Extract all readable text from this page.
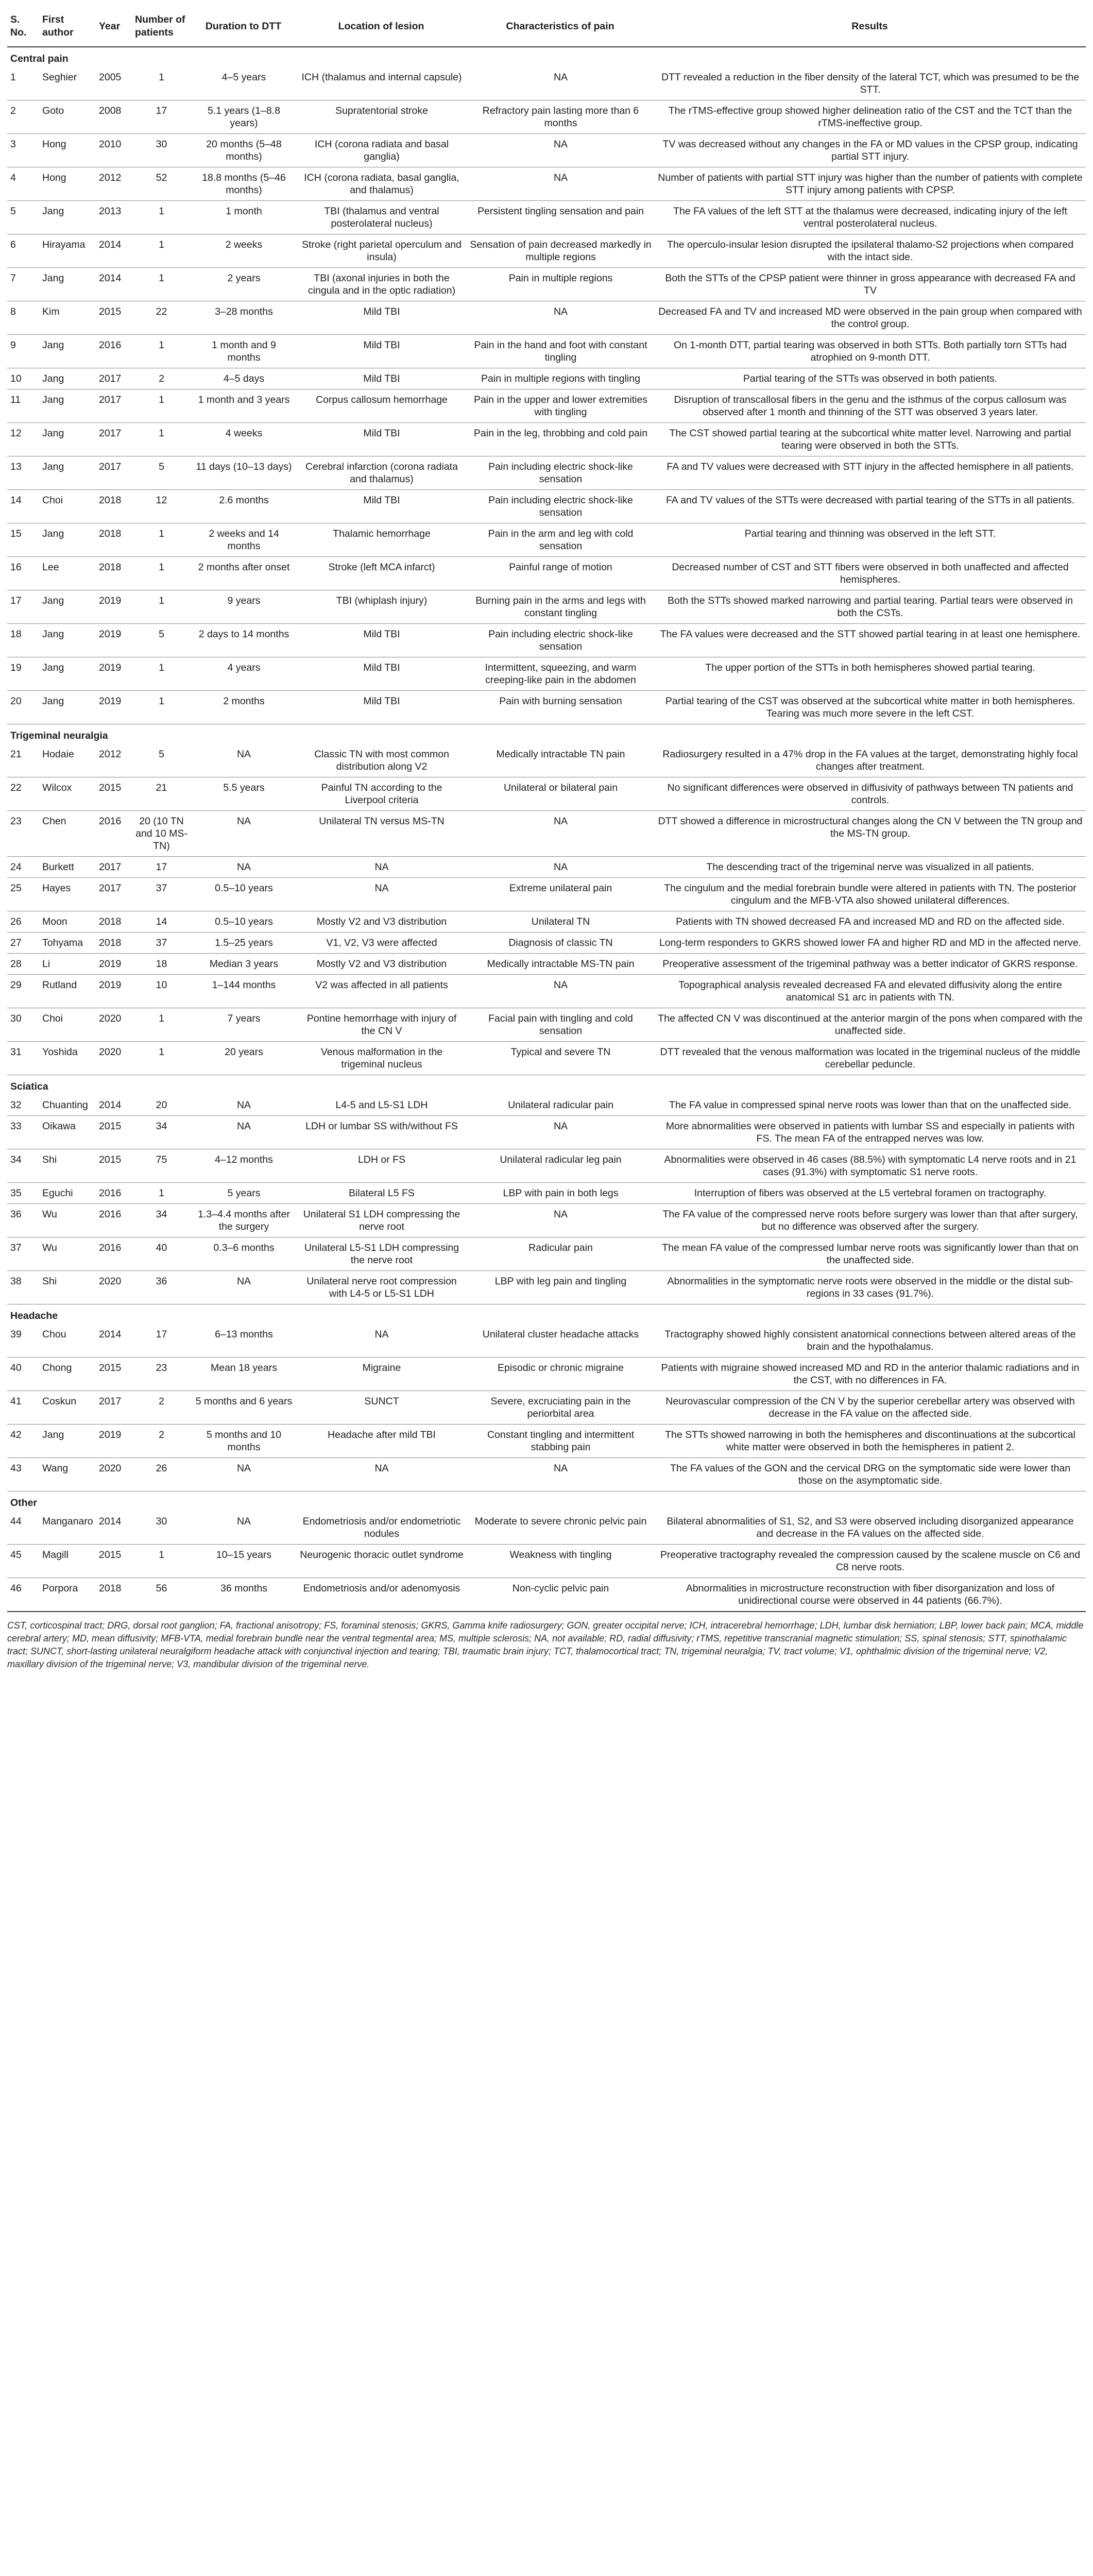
S. No.	First author	Year	Number of patients	Duration to DTT	Location of lesion	Characteristics of pain	Results
Central pain							
1	Seghier	2005	1	4–5 years	ICH (thalamus and internal capsule)	NA	DTT revealed a reduction in the fiber density of the lateral TCT, which was presumed to be the STT.
2	Goto	2008	17	5.1 years (1–8.8 years)	Supratentorial stroke	Refractory pain lasting more than 6 months	The rTMS-effective group showed higher delineation ratio of the CST and the TCT than the rTMS-ineffective group.
3	Hong	2010	30	20 months (5–48 months)	ICH (corona radiata and basal ganglia)	NA	TV was decreased without any changes in the FA or MD values in the CPSP group, indicating partial STT injury.
4	Hong	2012	52	18.8 months (5–46 months)	ICH (corona radiata, basal ganglia, and thalamus)	NA	Number of patients with partial STT injury was higher than the number of patients with complete STT injury among patients with CPSP.
5	Jang	2013	1	1 month	TBI (thalamus and ventral posterolateral nucleus)	Persistent tingling sensation and pain	The FA values of the left STT at the thalamus were decreased, indicating injury of the left ventral posterolateral nucleus.
6	Hirayama	2014	1	2 weeks	Stroke (right parietal operculum and insula)	Sensation of pain decreased markedly in multiple regions	The operculo-insular lesion disrupted the ipsilateral thalamo-S2 projections when compared with the intact side.
7	Jang	2014	1	2 years	TBI (axonal injuries in both the cingula and in the optic radiation)	Pain in multiple regions	Both the STTs of the CPSP patient were thinner in gross appearance with decreased FA and TV
8	Kim	2015	22	3–28 months	Mild TBI	NA	Decreased FA and TV and increased MD were observed in the pain group when compared with the control group.
9	Jang	2016	1	1 month and 9 months	Mild TBI	Pain in the hand and foot with constant tingling	On 1-month DTT, partial tearing was observed in both STTs. Both partially torn STTs had atrophied on 9-month DTT.
10	Jang	2017	2	4–5 days	Mild TBI	Pain in multiple regions with tingling	Partial tearing of the STTs was observed in both patients.
11	Jang	2017	1	1 month and 3 years	Corpus callosum hemorrhage	Pain in the upper and lower extremities with tingling	Disruption of transcallosal fibers in the genu and the isthmus of the corpus callosum was observed after 1 month and thinning of the STT was observed 3 years later.
12	Jang	2017	1	4 weeks	Mild TBI	Pain in the leg, throbbing and cold pain	The CST showed partial tearing at the subcortical white matter level. Narrowing and partial tearing were observed in both the STTs.
13	Jang	2017	5	11 days (10–13 days)	Cerebral infarction (corona radiata and thalamus)	Pain including electric shock-like sensation	FA and TV values were decreased with STT injury in the affected hemisphere in all patients.
14	Choi	2018	12	2.6 months	Mild TBI	Pain including electric shock-like sensation	FA and TV values of the STTs were decreased with partial tearing of the STTs in all patients.
15	Jang	2018	1	2 weeks and 14 months	Thalamic hemorrhage	Pain in the arm and leg with cold sensation	Partial tearing and thinning was observed in the left STT.
16	Lee	2018	1	2 months after onset	Stroke (left MCA infarct)	Painful range of motion	Decreased number of CST and STT fibers were observed in both unaffected and affected hemispheres.
17	Jang	2019	1	9 years	TBI (whiplash injury)	Burning pain in the arms and legs with constant tingling	Both the STTs showed marked narrowing and partial tearing. Partial tears were observed in both the CSTs.
18	Jang	2019	5	2 days to 14 months	Mild TBI	Pain including electric shock-like sensation	The FA values were decreased and the STT showed partial tearing in at least one hemisphere.
19	Jang	2019	1	4 years	Mild TBI	Intermittent, squeezing, and warm creeping-like pain in the abdomen	The upper portion of the STTs in both hemispheres showed partial tearing.
20	Jang	2019	1	2 months	Mild TBI	Pain with burning sensation	Partial tearing of the CST was observed at the subcortical white matter in both hemispheres. Tearing was much more severe in the left CST.
Trigeminal neuralgia							
21	Hodaie	2012	5	NA	Classic TN with most common distribution along V2	Medically intractable TN pain	Radiosurgery resulted in a 47% drop in the FA values at the target, demonstrating highly focal changes after treatment.
22	Wilcox	2015	21	5.5 years	Painful TN according to the Liverpool criteria	Unilateral or bilateral pain	No significant differences were observed in diffusivity of pathways between TN patients and controls.
23	Chen	2016	20 (10 TN and 10 MS-TN)	NA	Unilateral TN versus MS-TN	NA	DTT showed a difference in microstructural changes along the CN V between the TN group and the MS-TN group.
24	Burkett	2017	17	NA	NA	NA	The descending tract of the trigeminal nerve was visualized in all patients.
25	Hayes	2017	37	0.5–10 years	NA	Extreme unilateral pain	The cingulum and the medial forebrain bundle were altered in patients with TN. The posterior cingulum and the MFB-VTA also showed unilateral differences.
26	Moon	2018	14	0.5–10 years	Mostly V2 and V3 distribution	Unilateral TN	Patients with TN showed decreased FA and increased MD and RD on the affected side.
27	Tohyama	2018	37	1.5–25 years	V1, V2, V3 were affected	Diagnosis of classic TN	Long-term responders to GKRS showed lower FA and higher RD and MD in the affected nerve.
28	Li	2019	18	Median 3 years	Mostly V2 and V3 distribution	Medically intractable MS-TN pain	Preoperative assessment of the trigeminal pathway was a better indicator of GKRS response.
29	Rutland	2019	10	1–144 months	V2 was affected in all patients	NA	Topographical analysis revealed decreased FA and elevated diffusivity along the entire anatomical S1 arc in patients with TN.
30	Choi	2020	1	7 years	Pontine hemorrhage with injury of the CN V	Facial pain with tingling and cold sensation	The affected CN V was discontinued at the anterior margin of the pons when compared with the unaffected side.
31	Yoshida	2020	1	20 years	Venous malformation in the trigeminal nucleus	Typical and severe TN	DTT revealed that the venous malformation was located in the trigeminal nucleus of the middle cerebellar peduncle.
Sciatica							
32	Chuanting	2014	20	NA	L4-5 and L5-S1 LDH	Unilateral radicular pain	The FA value in compressed spinal nerve roots was lower than that on the unaffected side.
33	Oikawa	2015	34	NA	LDH or lumbar SS with/without FS	NA	More abnormalities were observed in patients with lumbar SS and especially in patients with FS. The mean FA of the entrapped nerves was low.
34	Shi	2015	75	4–12 months	LDH or FS	Unilateral radicular leg pain	Abnormalities were observed in 46 cases (88.5%) with symptomatic L4 nerve roots and in 21 cases (91.3%) with symptomatic S1 nerve roots.
35	Eguchi	2016	1	5 years	Bilateral L5 FS	LBP with pain in both legs	Interruption of fibers was observed at the L5 vertebral foramen on tractography.
36	Wu	2016	34	1.3–4.4 months after the surgery	Unilateral S1 LDH compressing the nerve root	NA	The FA value of the compressed nerve roots before surgery was lower than that after surgery, but no difference was observed after the surgery.
37	Wu	2016	40	0.3–6 months	Unilateral L5-S1 LDH compressing the nerve root	Radicular pain	The mean FA value of the compressed lumbar nerve roots was significantly lower than that on the unaffected side.
38	Shi	2020	36	NA	Unilateral nerve root compression with L4-5 or L5-S1 LDH	LBP with leg pain and tingling	Abnormalities in the symptomatic nerve roots were observed in the middle or the distal sub-regions in 33 cases (91.7%).
Headache							
39	Chou	2014	17	6–13 months	NA	Unilateral cluster headache attacks	Tractography showed highly consistent anatomical connections between altered areas of the brain and the hypothalamus.
40	Chong	2015	23	Mean 18 years	Migraine	Episodic or chronic migraine	Patients with migraine showed increased MD and RD in the anterior thalamic radiations and in the CST, with no differences in FA.
41	Coskun	2017	2	5 months and 6 years	SUNCT	Severe, excruciating pain in the periorbital area	Neurovascular compression of the CN V by the superior cerebellar artery was observed with decrease in the FA value on the affected side.
42	Jang	2019	2	5 months and 10 months	Headache after mild TBI	Constant tingling and intermittent stabbing pain	The STTs showed narrowing in both the hemispheres and discontinuations at the subcortical white matter were observed in both the hemispheres in patient 2.
43	Wang	2020	26	NA	NA	NA	The FA values of the GON and the cervical DRG on the symptomatic side were lower than those on the asymptomatic side.
Other							
44	Manganaro	2014	30	NA	Endometriosis and/or endometriotic nodules	Moderate to severe chronic pelvic pain	Bilateral abnormalities of S1, S2, and S3 were observed including disorganized appearance and decrease in the FA values on the affected side.
45	Magill	2015	1	10–15 years	Neurogenic thoracic outlet syndrome	Weakness with tingling	Preoperative tractography revealed the compression caused by the scalene muscle on C6 and C8 nerve roots.
46	Porpora	2018	56	36 months	Endometriosis and/or adenomyosis	Non-cyclic pelvic pain	Abnormalities in microstructure reconstruction with fiber disorganization and loss of unidirectional course were observed in 44 patients (66.7%).
CST, corticospinal tract; DRG, dorsal root ganglion; FA, fractional anisotropy; FS, foraminal stenosis; GKRS, Gamma knife radiosurgery; GON, greater occipital nerve; ICH, intracerebral hemorrhage; LDH, lumbar disk herniation; LBP, lower back pain; MCA, middle cerebral artery; MD, mean diffusivity; MFB-VTA, medial forebrain bundle near the ventral tegmental area; MS, multiple sclerosis; NA, not available; RD, radial diffusivity; rTMS, repetitive transcranial magnetic stimulation; SS, spinal stenosis; STT, spinothalamic tract; SUNCT, short-lasting unilateral neuralgiform headache attack with conjunctival injection and tearing; TBI, traumatic brain injury; TCT, thalamocortical tract; TN, trigeminal neuralgia; TV, tract volume; V1, ophthalmic division of the trigeminal nerve; V2, maxillary division of the trigeminal nerve; V3, mandibular division of the trigeminal nerve.
